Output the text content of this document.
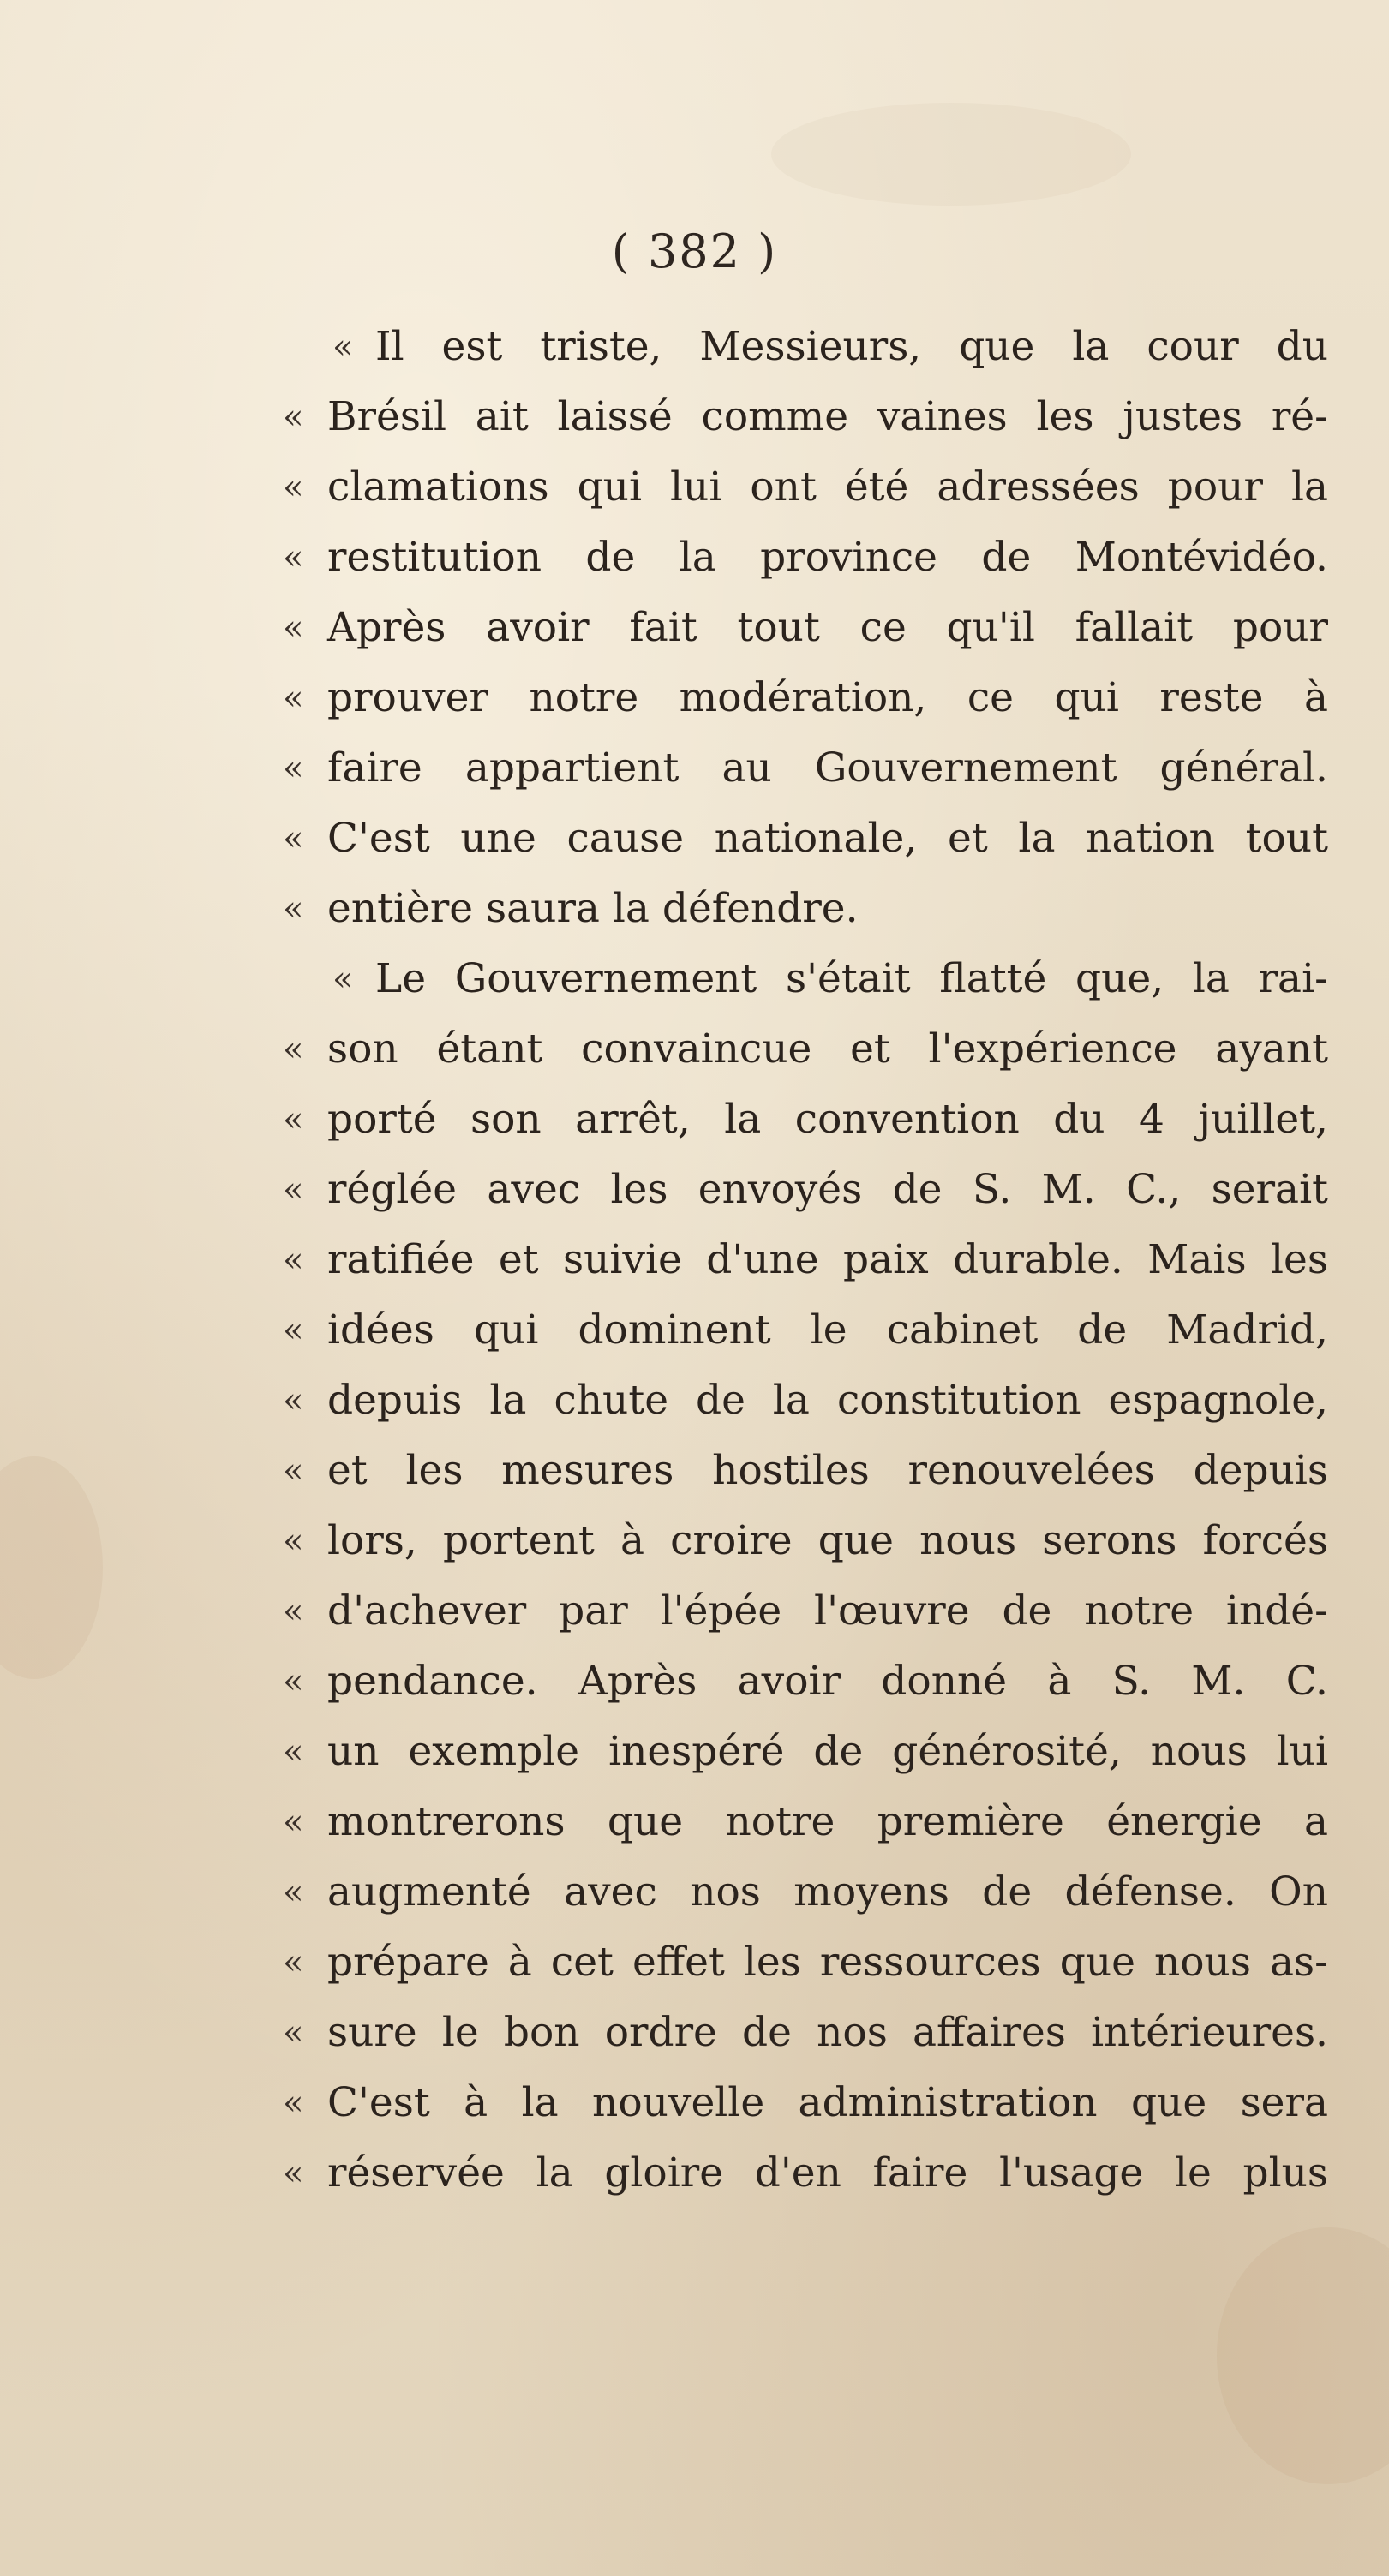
( 382 )
« Il est triste, Messieurs, que la cour du
« Brésil ait laissé comme vaines les justes ré-
« clamations qui lui ont été adressées pour la
« restitution de la province de Montévidéo.
« Après avoir fait tout ce qu'il fallait pour
« prouver notre modération, ce qui reste à
« faire appartient au Gouvernement général.
« C'est une cause nationale, et la nation tout
« entière saura la défendre.
« Le Gouvernement s'était flatté que, la rai-
« son étant convaincue et l'expérience ayant
« porté son arrêt, la convention du 4 juillet,
« réglée avec les envoyés de S. M. C., serait
« ratifiée et suivie d'une paix durable. Mais les
« idées qui dominent le cabinet de Madrid,
« depuis la chute de la constitution espagnole,
« et les mesures hostiles renouvelées depuis
« lors, portent à croire que nous serons forcés
« d'achever par l'épée l'œuvre de notre indé-
« pendance. Après avoir donné à S. M. C.
« un exemple inespéré de générosité, nous lui
« montrerons que notre première énergie a
« augmenté avec nos moyens de défense. On
« prépare à cet effet les ressources que nous as-
« sure le bon ordre de nos affaires intérieures.
« C'est à la nouvelle administration que sera
« réservée la gloire d'en faire l'usage le plus
